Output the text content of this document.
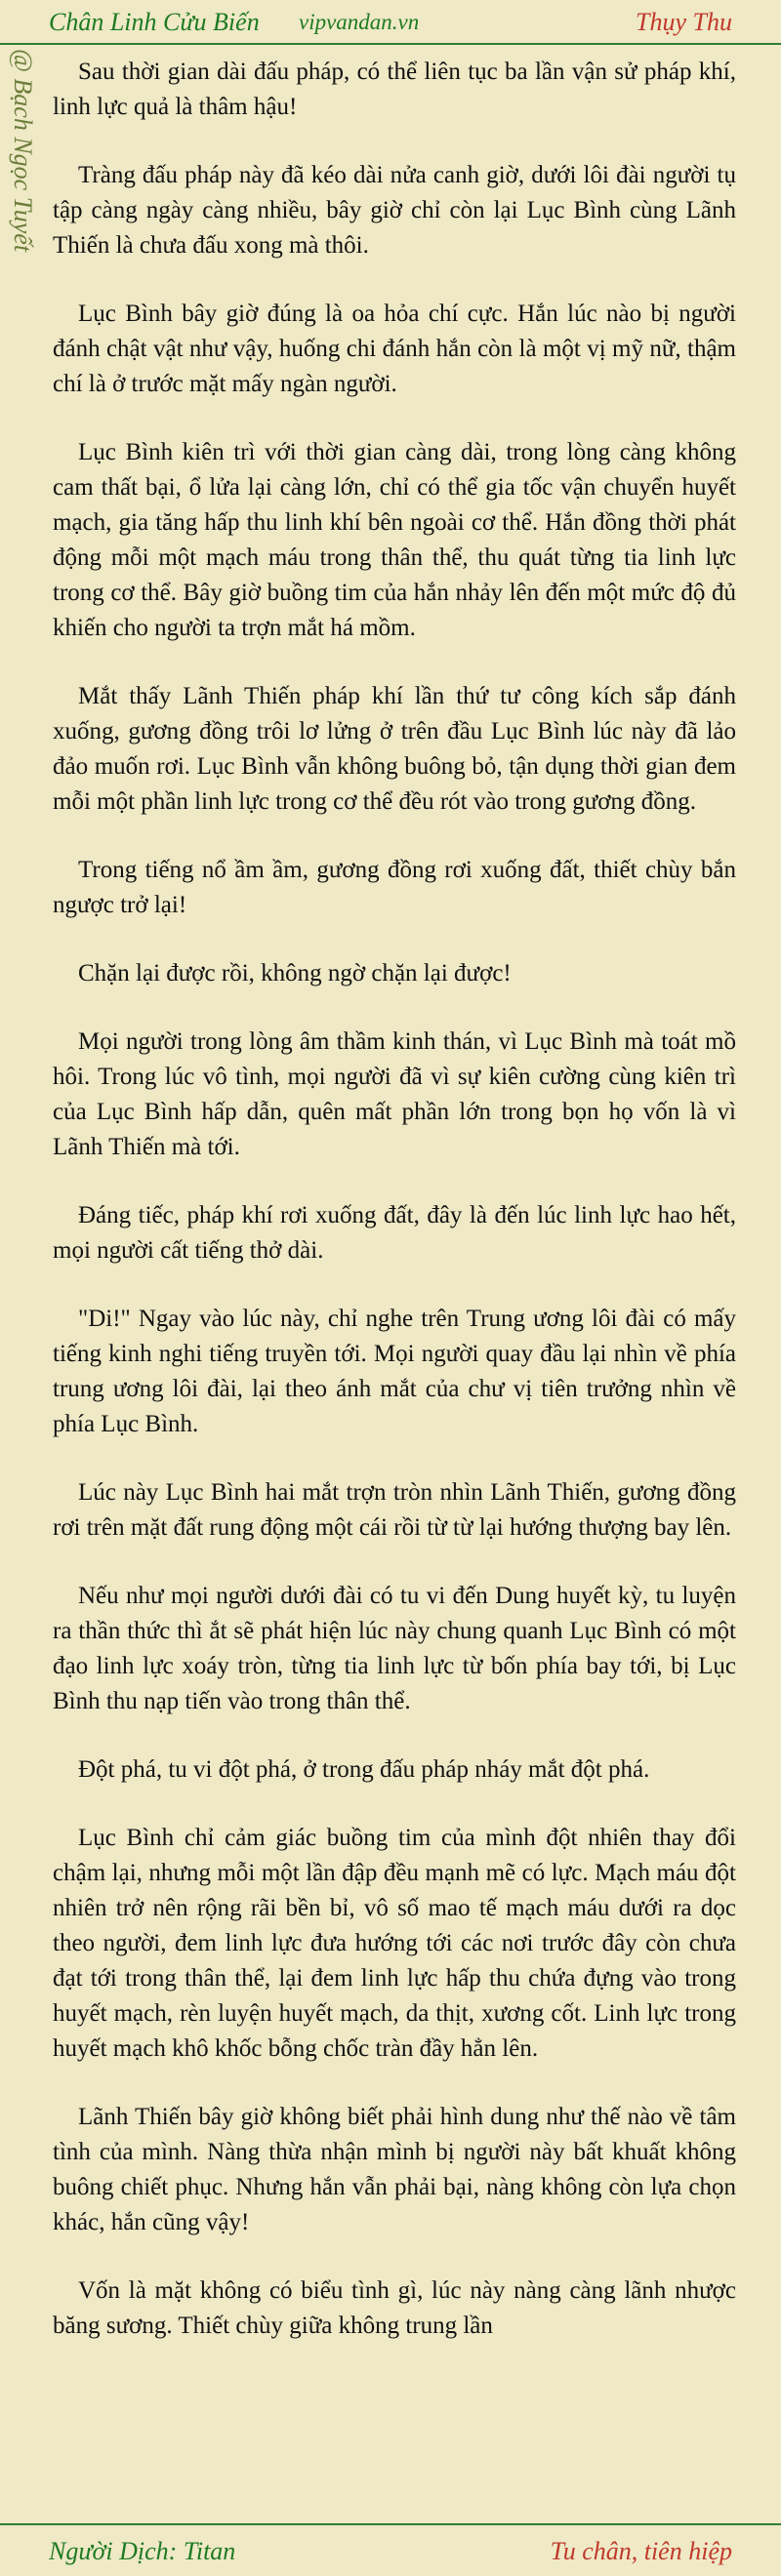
Chân Linh Cửu Biến vipvandan.vn	Thụy Thu
@ Bạch Ngọc Tuyết	Sau thời gian dài đấu pháp, có thể liên tục ba lần vận sử pháp khí, linh lực quả là thâm hậu!

Tràng đấu pháp này đã kéo dài nửa canh giờ, dưới lôi đài người tụ tập càng ngày càng nhiều, bây giờ chỉ còn lại Lục Bình cùng Lãnh Thiến là chưa đấu xong mà thôi.

Lục Bình bây giờ đúng là oa hỏa chí cực. Hắn lúc nào bị người đánh chật vật như vậy, huống chi đánh hắn còn là một vị mỹ nữ, thậm chí là ở trước mặt mấy ngàn người.

Lục Bình kiên trì với thời gian càng dài, trong lòng càng không cam thất bại, ổ lửa lại càng lớn, chỉ có thể gia tốc vận chuyển huyết mạch, gia tăng hấp thu linh khí bên ngoài cơ thể. Hắn đồng thời phát động mỗi một mạch máu trong thân thể, thu quát từng tia linh lực trong cơ thể. Bây giờ buồng tim của hắn nhảy lên đến một mức độ đủ khiến cho người ta trợn mắt há mồm.

Mắt thấy Lãnh Thiến pháp khí lần thứ tư công kích sắp đánh xuống, gương đồng trôi lơ lửng ở trên đầu Lục Bình lúc này đã lảo đảo muốn rơi. Lục Bình vẫn không buông bỏ, tận dụng thời gian đem mỗi một phần linh lực trong cơ thể đều rót vào trong gương đồng.

Trong tiếng nổ ầm ầm, gương đồng rơi xuống đất, thiết chùy bắn ngược trở lại!

Chặn lại được rồi, không ngờ chặn lại được!

Mọi người trong lòng âm thầm kinh thán, vì Lục Bình mà toát mồ hôi. Trong lúc vô tình, mọi người đã vì sự kiên cường cùng kiên trì của Lục Bình hấp dẫn, quên mất phần lớn trong bọn họ vốn là vì Lãnh Thiến mà tới.

Đáng tiếc, pháp khí rơi xuống đất, đây là đến lúc linh lực hao hết, mọi người cất tiếng thở dài.

"Di!" Ngay vào lúc này, chỉ nghe trên Trung ương lôi đài có mấy tiếng kinh nghi tiếng truyền tới. Mọi người quay đầu lại nhìn về phía trung ương lôi đài, lại theo ánh mắt của chư vị tiên trưởng nhìn về phía Lục Bình.

Lúc này Lục Bình hai mắt trợn tròn nhìn Lãnh Thiến, gương đồng rơi trên mặt đất rung động một cái rồi từ từ lại hướng thượng bay lên.

Nếu như mọi người dưới đài có tu vi đến Dung huyết kỳ, tu luyện ra thần thức thì ắt sẽ phát hiện lúc này chung quanh Lục Bình có một đạo linh lực xoáy tròn, từng tia linh lực từ bốn phía bay tới, bị Lục Bình thu nạp tiến vào trong thân thể.

Đột phá, tu vi đột phá, ở trong đấu pháp nháy mắt đột phá.

Lục Bình chỉ cảm giác buồng tim của mình đột nhiên thay đổi chậm lại, nhưng mỗi một lần đập đều mạnh mẽ có lực. Mạch máu đột nhiên trở nên rộng rãi bền bỉ, vô số mao tế mạch máu dưới ra dọc theo người, đem linh lực đưa hướng tới các nơi trước đây còn chưa đạt tới trong thân thể, lại đem linh lực hấp thu chứa đựng vào trong huyết mạch, rèn luyện huyết mạch, da thịt, xương cốt. Linh lực trong huyết mạch khô khốc bỗng chốc tràn đầy hẳn lên.

Lãnh Thiến bây giờ không biết phải hình dung như thế nào về tâm tình của mình. Nàng thừa nhận mình bị người này bất khuất không buông chiết phục. Nhưng hắn vẫn phải bại, nàng không còn lựa chọn khác, hắn cũng vậy!

Vốn là mặt không có biểu tình gì, lúc này nàng càng lãnh nhược băng sương. Thiết chùy giữa không trung lần

Người Dịch: Titan	Tu chân, tiên hiệp
